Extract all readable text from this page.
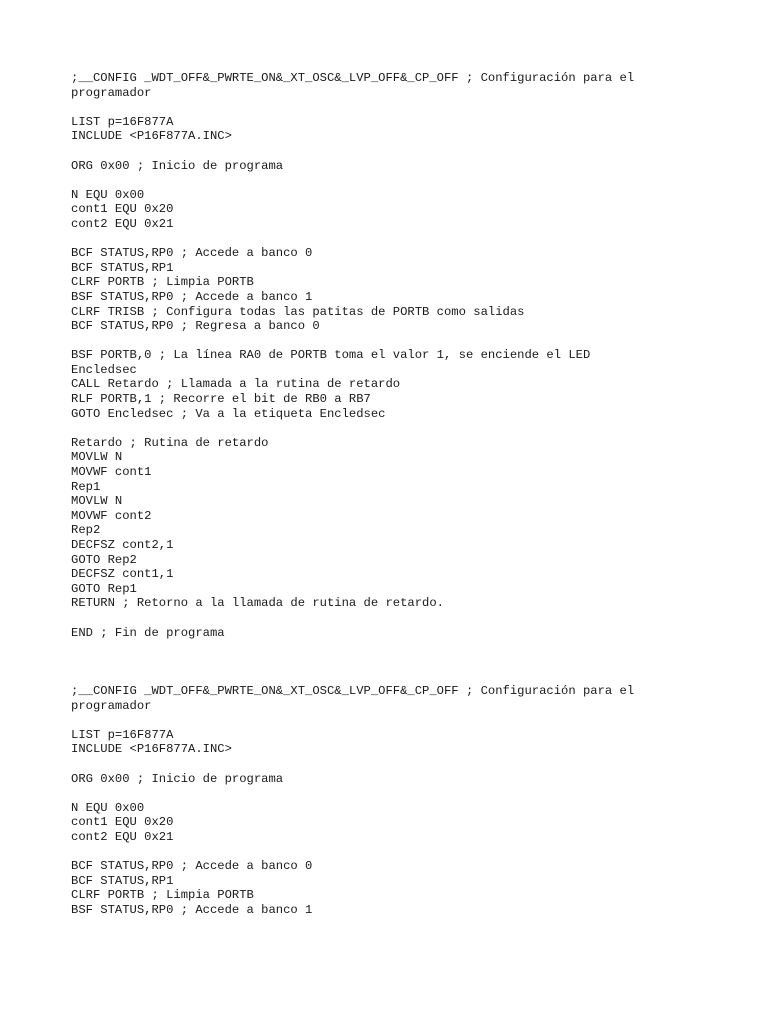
;__CONFIG _WDT_OFF&_PWRTE_ON&_XT_OSC&_LVP_OFF&_CP_OFF ; Configuración para el
programador
LIST p=16F877A
INCLUDE <P16F877A.INC>
ORG 0x00 ; Inicio de programa
N EQU 0x00
cont1 EQU 0x20
cont2 EQU 0x21
BCF STATUS,RP0 ; Accede a banco 0
BCF STATUS,RP1
CLRF PORTB ; Limpia PORTB
BSF STATUS,RP0 ; Accede a banco 1
CLRF TRISB ; Configura todas las patitas de PORTB como salidas
BCF STATUS,RP0 ; Regresa a banco 0
BSF PORTB,0 ; La línea RA0 de PORTB toma el valor 1, se enciende el LED
Encledsec
CALL Retardo ; Llamada a la rutina de retardo
RLF PORTB,1 ; Recorre el bit de RB0 a RB7
GOTO Encledsec ; Va a la etiqueta Encledsec
Retardo ; Rutina de retardo
MOVLW N
MOVWF cont1
Rep1
MOVLW N
MOVWF cont2
Rep2
DECFSZ cont2,1
GOTO Rep2
DECFSZ cont1,1
GOTO Rep1
RETURN ; Retorno a la llamada de rutina de retardo.
END ; Fin de programa
;__CONFIG _WDT_OFF&_PWRTE_ON&_XT_OSC&_LVP_OFF&_CP_OFF ; Configuración para el
programador
LIST p=16F877A
INCLUDE <P16F877A.INC>
ORG 0x00 ; Inicio de programa
N EQU 0x00
cont1 EQU 0x20
cont2 EQU 0x21
BCF STATUS,RP0 ; Accede a banco 0
BCF STATUS,RP1
CLRF PORTB ; Limpia PORTB
BSF STATUS,RP0 ; Accede a banco 1
